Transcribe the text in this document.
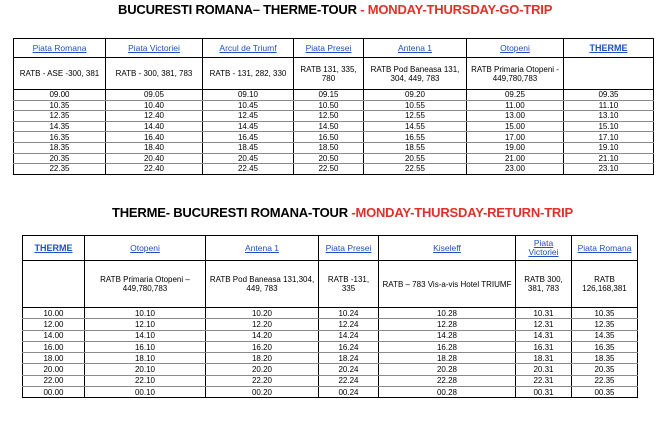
BUCURESTI ROMANA– THERME-TOUR - MONDAY-THURSDAY-GO-TRIP
Piata Romana	Piata Victoriei	Arcul de Triumf	Piata Presei	Antena 1	Otopeni	THERME
RATB - ASE -300, 381	RATB - 300, 381, 783	RATB - 131, 282, 330	RATB 131, 335, 780	RATB Pod Baneasa 131, 304, 449, 783	RATB Primaria Otopeni - 449,780,783	
09.00	09.05	09.10	09.15	09.20	09.25	09.35
10.35	10.40	10.45	10.50	10.55	11.00	11.10
12.35	12.40	12.45	12.50	12.55	13.00	13.10
14.35	14.40	14.45	14.50	14.55	15.00	15.10
16.35	16.40	16.45	16.50	16.55	17.00	17.10
18.35	18.40	18.45	18.50	18.55	19.00	19.10
20.35	20.40	20.45	20.50	20.55	21.00	21.10
22.35	22.40	22.45	22.50	22.55	23.00	23.10
THERME- BUCURESTI ROMANA-TOUR -MONDAY-THURSDAY-RETURN-TRIP
THERME	Otopeni	Antena 1	Piata Presei	Kiseleff	Piata Victoriei	Piata Romana
	RATB Primaria Otopeni – 449,780,783	RATB Pod Baneasa 131,304, 449, 783	RATB -131, 335	RATB – 783 Vis-a-vis Hotel TRIUMF	RATB 300, 381, 783	RATB 126,168,381
10.00	10.10	10.20	10.24	10.28	10.31	10.35
12.00	12.10	12.20	12.24	12.28	12.31	12.35
14.00	14.10	14.20	14.24	14.28	14.31	14.35
16.00	16.10	16.20	16.24	16.28	16.31	16.35
18.00	18.10	18.20	18.24	18.28	18.31	18.35
20.00	20.10	20.20	20.24	20.28	20.31	20.35
22.00	22.10	22.20	22.24	22.28	22.31	22.35
00.00	00.10	00.20	00.24	00.28	00.31	00.35
